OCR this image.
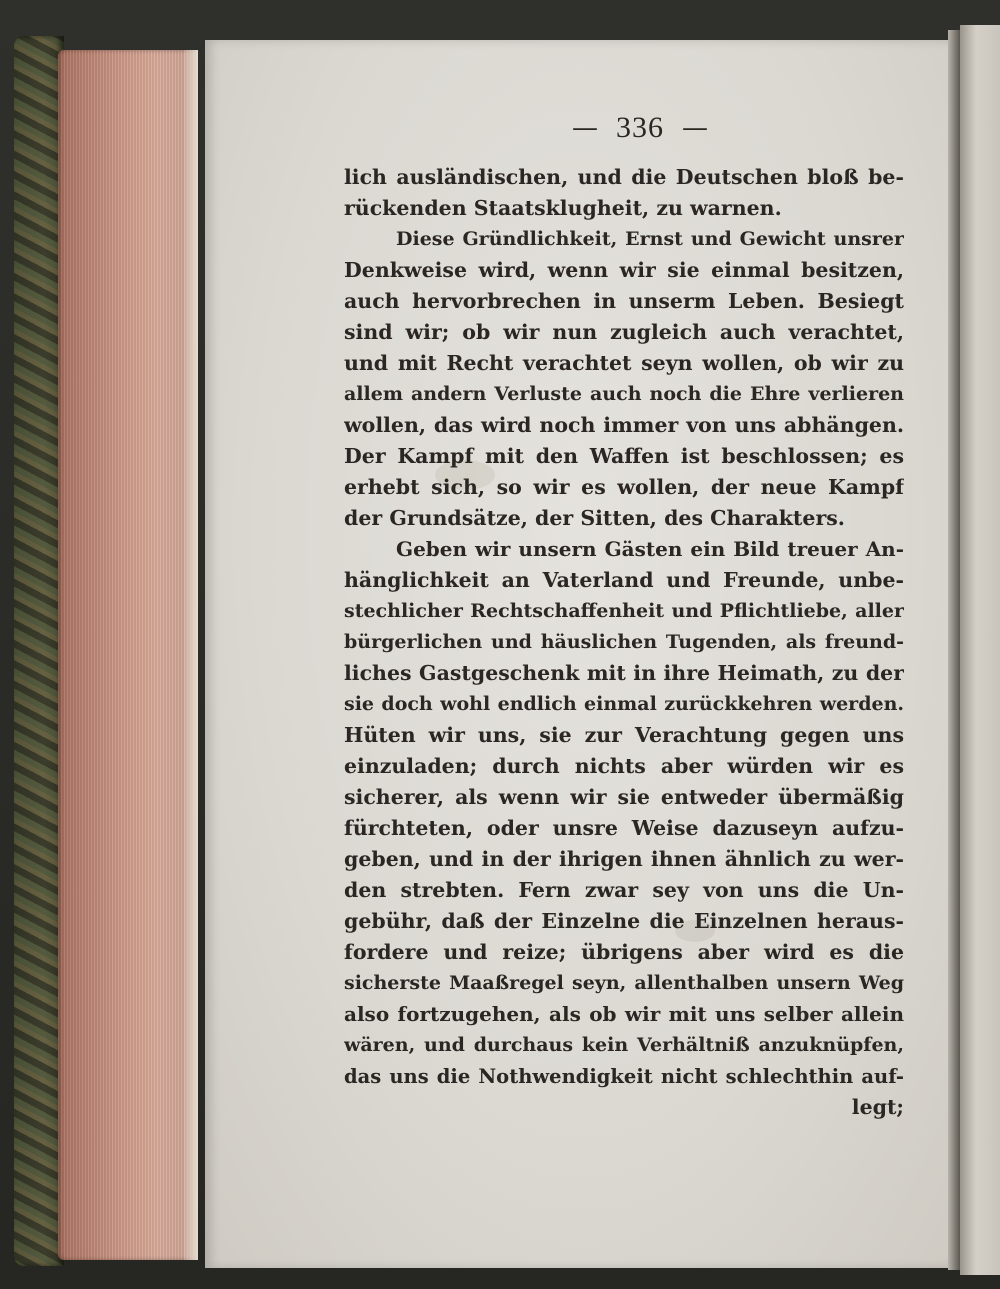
— 336 —
lich ausländischen, und die Deutschen bloß be-
rückenden Staatsklugheit, zu warnen.
Diese Gründlichkeit, Ernst und Gewicht unsrer
Denkweise wird, wenn wir sie einmal besitzen,
auch hervorbrechen in unserm Leben. Besiegt
sind wir; ob wir nun zugleich auch verachtet,
und mit Recht verachtet seyn wollen, ob wir zu
allem andern Verluste auch noch die Ehre verlieren
wollen, das wird noch immer von uns abhängen.
Der Kampf mit den Waffen ist beschlossen; es
erhebt sich, so wir es wollen, der neue Kampf
der Grundsätze, der Sitten, des Charakters.
Geben wir unsern Gästen ein Bild treuer An-
hänglichkeit an Vaterland und Freunde, unbe-
stechlicher Rechtschaffenheit und Pflichtliebe, aller
bürgerlichen und häuslichen Tugenden, als freund-
liches Gastgeschenk mit in ihre Heimath, zu der
sie doch wohl endlich einmal zurückkehren werden.
Hüten wir uns, sie zur Verachtung gegen uns
einzuladen; durch nichts aber würden wir es
sicherer, als wenn wir sie entweder übermäßig
fürchteten, oder unsre Weise dazuseyn aufzu-
geben, und in der ihrigen ihnen ähnlich zu wer-
den strebten. Fern zwar sey von uns die Un-
gebühr, daß der Einzelne die Einzelnen heraus-
fordere und reize; übrigens aber wird es die
sicherste Maaßregel seyn, allenthalben unsern Weg
also fortzugehen, als ob wir mit uns selber allein
wären, und durchaus kein Verhältniß anzuknüpfen,
das uns die Nothwendigkeit nicht schlechthin auf-
legt;
